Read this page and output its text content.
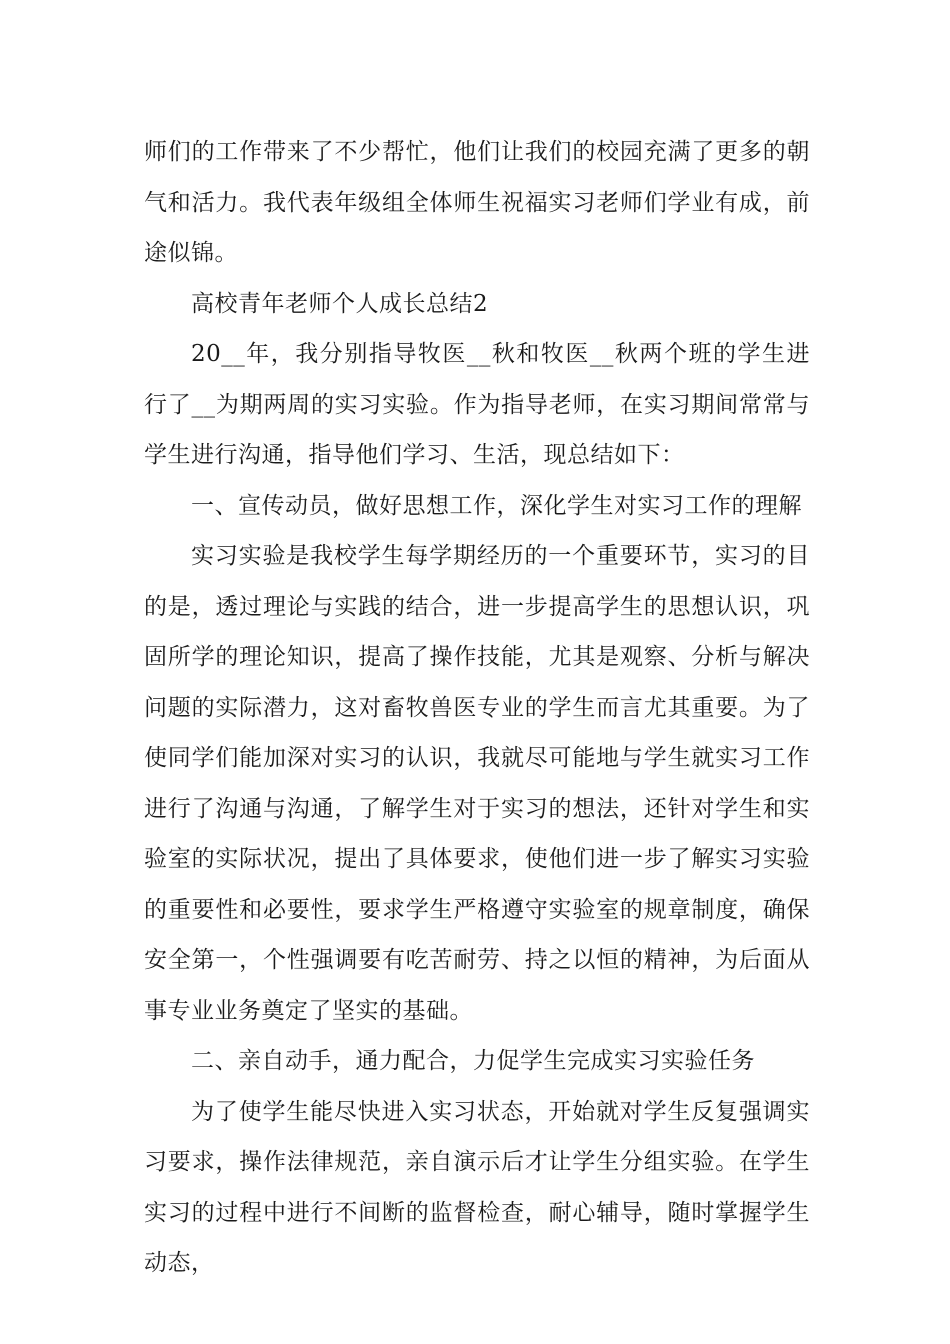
师们的工作带来了不少帮忙，他们让我们的校园充满了更多的朝气和活力。我代表年级组全体师生祝福实习老师们学业有成，前途似锦。

高校青年老师个人成长总结2

20__年，我分别指导牧医__秋和牧医__秋两个班的学生进行了__为期两周的实习实验。作为指导老师，在实习期间常常与学生进行沟通，指导他们学习、生活，现总结如下：

一、宣传动员，做好思想工作，深化学生对实习工作的理解

实习实验是我校学生每学期经历的一个重要环节，实习的目的是，透过理论与实践的结合，进一步提高学生的思想认识，巩固所学的理论知识，提高了操作技能，尤其是观察、分析与解决问题的实际潜力，这对畜牧兽医专业的学生而言尤其重要。为了使同学们能加深对实习的认识，我就尽可能地与学生就实习工作进行了沟通与沟通，了解学生对于实习的想法，还针对学生和实验室的实际状况，提出了具体要求，使他们进一步了解实习实验的重要性和必要性，要求学生严格遵守实验室的规章制度，确保安全第一，个性强调要有吃苦耐劳、持之以恒的精神，为后面从事专业业务奠定了坚实的基础。

二、亲自动手，通力配合，力促学生完成实习实验任务

为了使学生能尽快进入实习状态，开始就对学生反复强调实习要求，操作法律规范，亲自演示后才让学生分组实验。在学生实习的过程中进行不间断的监督检查，耐心辅导，随时掌握学生动态，
